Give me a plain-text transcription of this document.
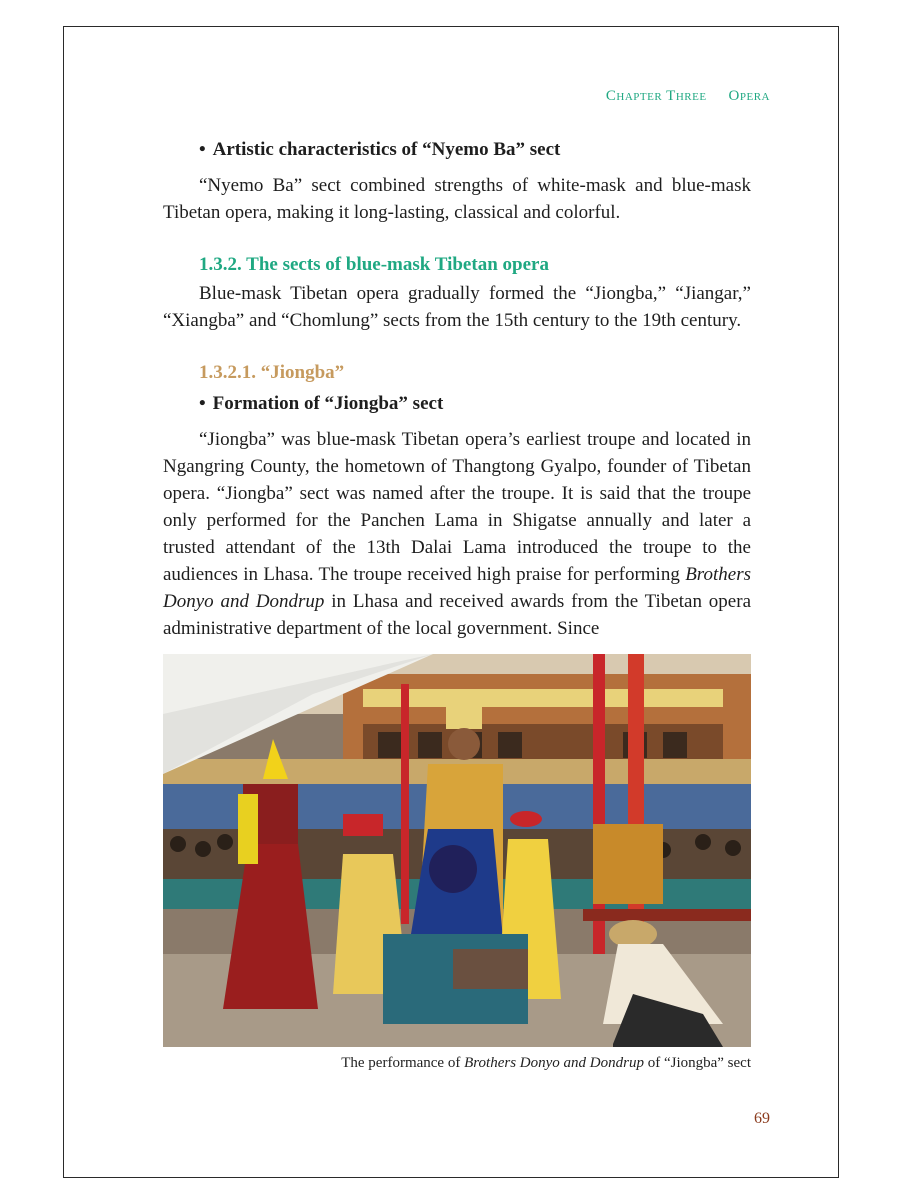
Chapter Three Opera
• Artistic characteristics of “Nyemo Ba” sect

“Nyemo Ba” sect combined strengths of white-mask and blue-mask Tibetan opera, making it long-lasting, classical and colorful.

1.3.2. The sects of blue-mask Tibetan opera

Blue-mask Tibetan opera gradually formed the “Jiongba,” “Jiangar,” “Xiangba” and “Chomlung” sects from the 15th century to the 19th century.

1.3.2.1. “Jiongba”
• Formation of “Jiongba” sect

“Jiongba” was blue-mask Tibetan opera’s earliest troupe and located in Ngangring County, the hometown of Thangtong Gyalpo, founder of Tibetan opera. “Jiongba” sect was named after the troupe. It is said that the troupe only performed for the Panchen Lama in Shigatse annually and later a trusted attendant of the 13th Dalai Lama introduced the troupe to the audiences in Lhasa. The troupe received high praise for performing Brothers Donyo and Dondrup in Lhasa and received awards from the Tibetan opera administrative department of the local government. Since

The performance of Brothers Donyo and Dondrup of “Jiongba” sect
69
